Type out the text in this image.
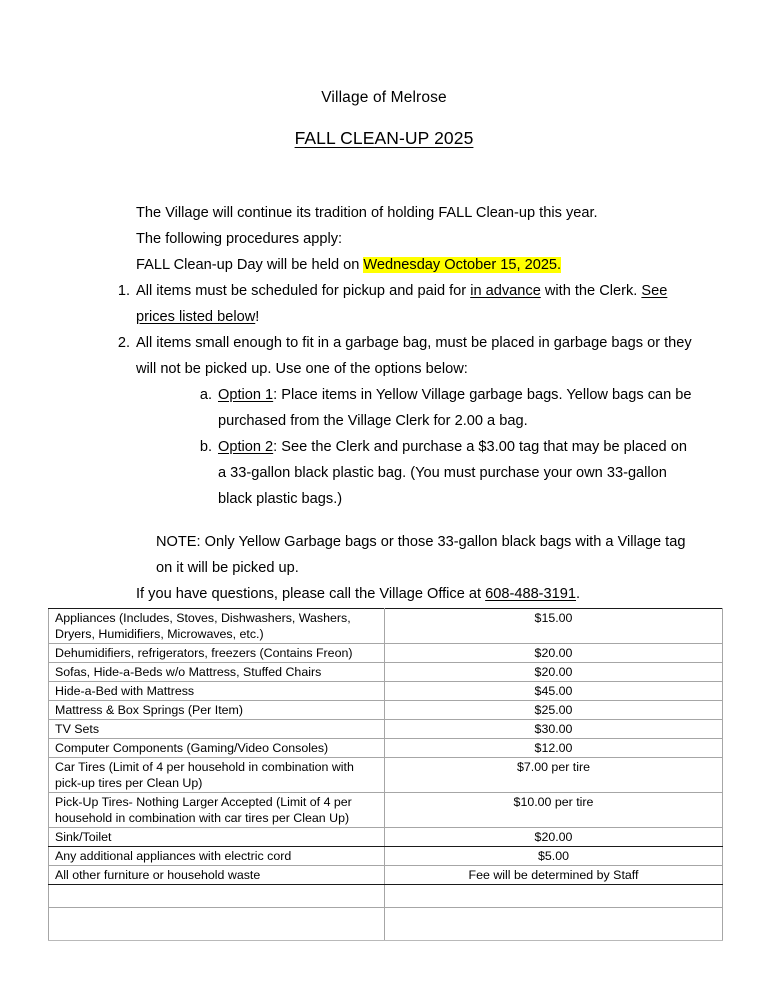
Village of Melrose
FALL CLEAN-UP 2025

The Village will continue its tradition of holding FALL Clean-up this year.
The following procedures apply:

FALL Clean-up Day will be held on Wednesday October 15, 2025.

1. All items must be scheduled for pickup and paid for in advance with the Clerk. See prices listed below!
2. All items small enough to fit in a garbage bag, must be placed in garbage bags or they will not be picked up. Use one of the options below:
a. Option 1: Place items in Yellow Village garbage bags. Yellow bags can be purchased from the Village Clerk for 2.00 a bag.
b. Option 2: See the Clerk and purchase a $3.00 tag that may be placed on a 33-gallon black plastic bag. (You must purchase your own 33-gallon black plastic bags.)

NOTE: Only Yellow Garbage bags or those 33-gallon black bags with a Village tag on it will be picked up.

If you have questions, please call the Village Office at 608-488-3191.

Appliances (Includes, Stoves, Dishwashers, Washers, Dryers, Humidifiers, Microwaves, etc.)	$15.00
Dehumidifiers, refrigerators, freezers (Contains Freon)	$20.00
Sofas, Hide-a-Beds w/o Mattress, Stuffed Chairs	$20.00
Hide-a-Bed with Mattress	$45.00
Mattress & Box Springs (Per Item)	$25.00
TV Sets	$30.00
Computer Components (Gaming/Video Consoles)	$12.00
Car Tires (Limit of 4 per household in combination with pick-up tires per Clean Up)	$7.00 per tire
Pick-Up Tires- Nothing Larger Accepted (Limit of 4 per household in combination with car tires per Clean Up)	$10.00 per tire
Sink/Toilet	$20.00
Any additional appliances with electric cord	$5.00
All other furniture or household waste	Fee will be determined by Staff
